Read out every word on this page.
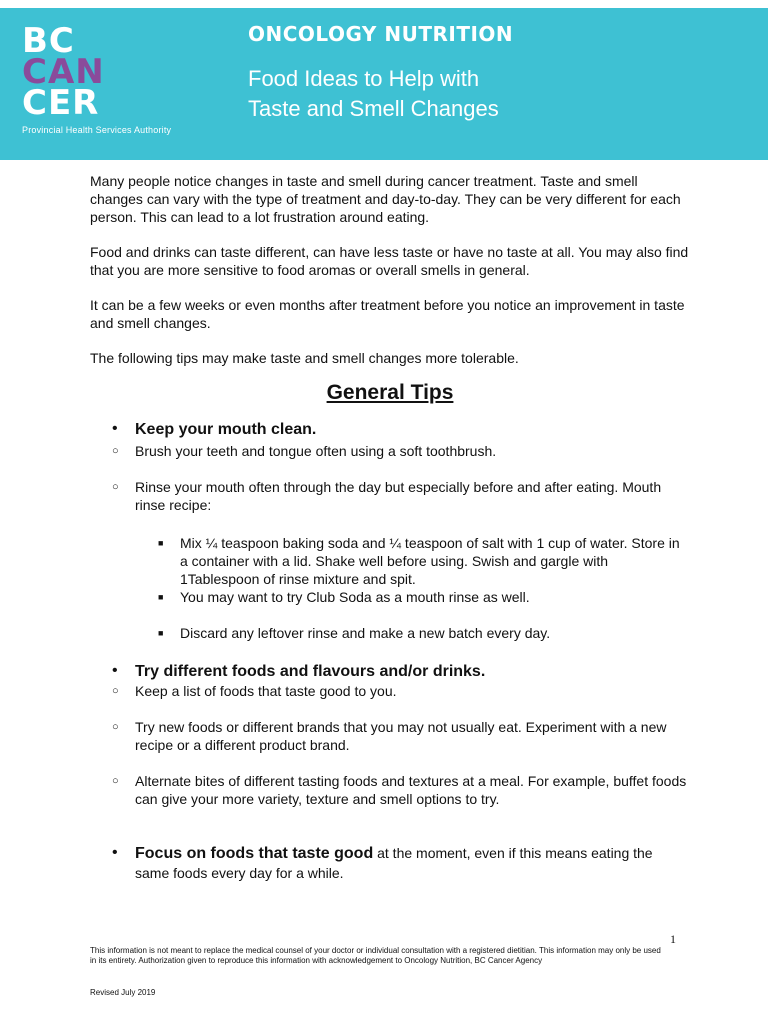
BC
CAN
CER
Provincial Health Services Authority
ONCOLOGY NUTRITION
Food Ideas to Help with
Taste and Smell Changes

Many people notice changes in taste and smell during cancer treatment. Taste and smell changes can vary with the type of treatment and day-to-day. They can be very different for each person. This can lead to a lot frustration around eating.

Food and drinks can taste different, can have less taste or have no taste at all. You may also find that you are more sensitive to food aromas or overall smells in general.

It can be a few weeks or even months after treatment before you notice an improvement in taste and smell changes.

The following tips may make taste and smell changes more tolerable.

General Tips
• Keep your mouth clean.
○ Brush your teeth and tongue often using a soft toothbrush.
○ Rinse your mouth often through the day but especially before and after eating. Mouth rinse recipe:
■ Mix ¼ teaspoon baking soda and ¼ teaspoon of salt with 1 cup of water. Store in a container with a lid. Shake well before using. Swish and gargle with 1Tablespoon of rinse mixture and spit.
■ You may want to try Club Soda as a mouth rinse as well.
■ Discard any leftover rinse and make a new batch every day.
• Try different foods and flavours and/or drinks.
○ Keep a list of foods that taste good to you.
○ Try new foods or different brands that you may not usually eat. Experiment with a new recipe or a different product brand.
○ Alternate bites of different tasting foods and textures at a meal. For example, buffet foods can give your more variety, texture and smell options to try.
• Focus on foods that taste good at the moment, even if this means eating the same foods every day for a while.
1
This information is not meant to replace the medical counsel of your doctor or individual consultation with a registered dietitian. This information may only be used in its entirety. Authorization given to reproduce this information with acknowledgement to Oncology Nutrition, BC Cancer Agency
Revised July 2019
